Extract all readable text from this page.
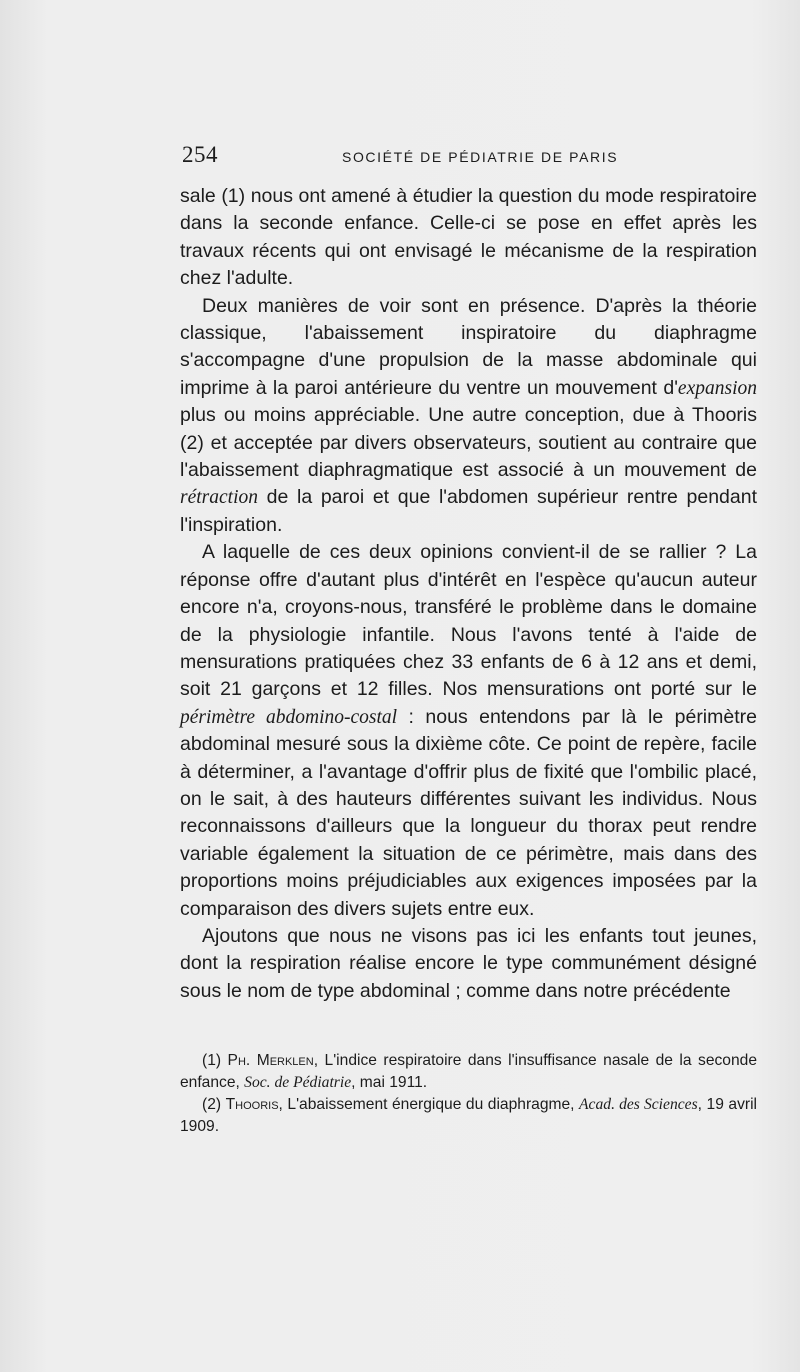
254	SOCIÉTÉ DE PÉDIATRIE DE PARIS

sale (1) nous ont amené à étudier la question du mode respiratoire dans la seconde enfance. Celle-ci se pose en effet après les travaux récents qui ont envisagé le mécanisme de la respiration chez l'adulte.

Deux manières de voir sont en présence. D'après la théorie classique, l'abaissement inspiratoire du diaphragme s'accompagne d'une propulsion de la masse abdominale qui imprime à la paroi antérieure du ventre un mouvement d'expansion plus ou moins appréciable. Une autre conception, due à Thooris (2) et acceptée par divers observateurs, soutient au contraire que l'abaissement diaphragmatique est associé à un mouvement de rétraction de la paroi et que l'abdomen supérieur rentre pendant l'inspiration.

A laquelle de ces deux opinions convient-il de se rallier ? La réponse offre d'autant plus d'intérêt en l'espèce qu'aucun auteur encore n'a, croyons-nous, transféré le problème dans le domaine de la physiologie infantile. Nous l'avons tenté à l'aide de mensurations pratiquées chez 33 enfants de 6 à 12 ans et demi, soit 21 garçons et 12 filles. Nos mensurations ont porté sur le périmètre abdomino-costal : nous entendons par là le périmètre abdominal mesuré sous la dixième côte. Ce point de repère, facile à déterminer, a l'avantage d'offrir plus de fixité que l'ombilic placé, on le sait, à des hauteurs différentes suivant les individus. Nous reconnaissons d'ailleurs que la longueur du thorax peut rendre variable également la situation de ce périmètre, mais dans des proportions moins préjudiciables aux exigences imposées par la comparaison des divers sujets entre eux.

Ajoutons que nous ne visons pas ici les enfants tout jeunes, dont la respiration réalise encore le type communément désigné sous le nom de type abdominal ; comme dans notre précédente

(1) Ph. Merklen, L'indice respiratoire dans l'insuffisance nasale de la seconde enfance, Soc. de Pédiatrie, mai 1911.

(2) Thooris, L'abaissement énergique du diaphragme, Acad. des Sciences, 19 avril 1909.
